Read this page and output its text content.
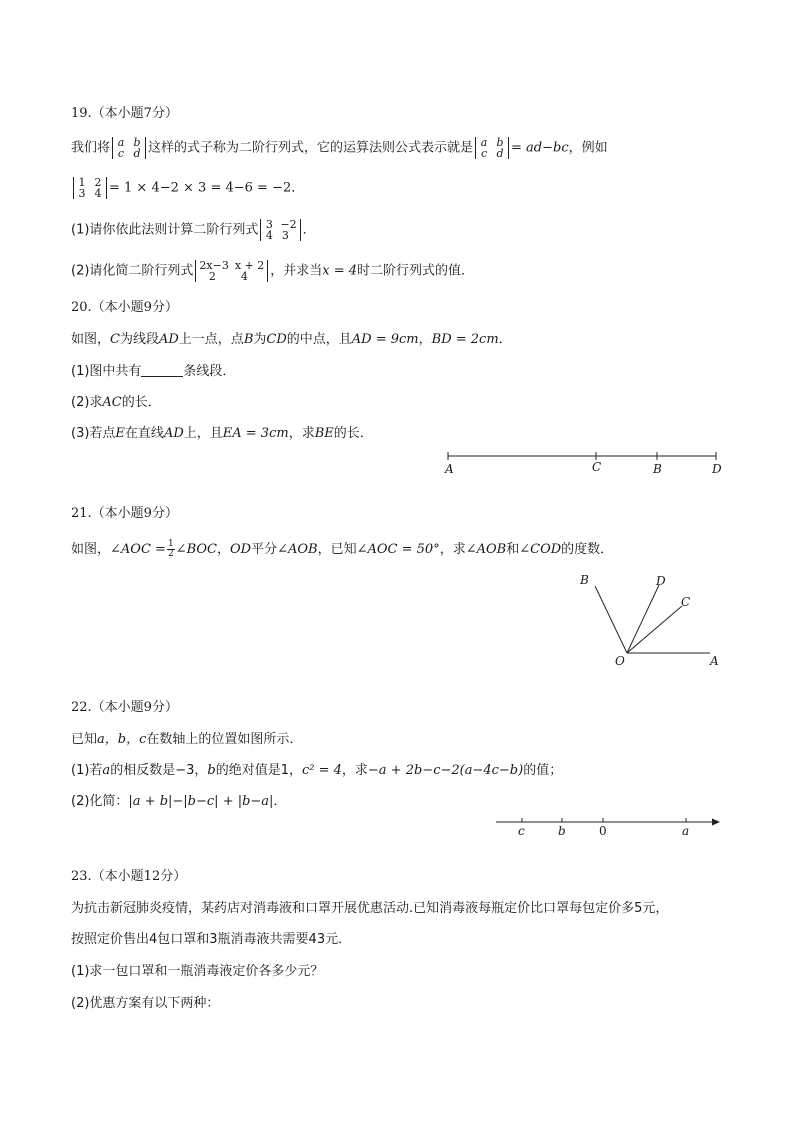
19.（本小题7分）
我们将 a b
c d 这样的式子称为二阶行列式，它的运算法则公式表示就是 a b
c d = ad−bc，例如
1 2
3 4 = 1 × 4−2 × 3 = 4−6 = −2．
(1)请你依此法则计算二阶行列式 3 −2
4 3	．
(2)请化简二阶行列式 2x−3 x + 2
2 4	，并求当x = 4时二阶行列式的值．
20.（本小题9分）
如图，C为线段AD上一点，点B为CD的中点，且AD = 9cm，BD = 2cm．
(1)图中共有	条线段．
(2)求AC的长．
(3)若点E在直线AD上，且EA = 3cm，求BE的长．
A	C	B	D
21.（本小题9分）
如图，∠AOC = $\frac{1}{2}$ ∠BOC，OD平分∠AOB，已知∠AOC = 50°，求∠AOB和∠COD的度数．
B	D
C
O	A
22.（本小题9分）
已知a，b，c在数轴上的位置如图所示．
(1)若a的相反数是−3，b的绝对值是1，c² = 4，求−a + 2b−c−2(a−4c−b)的值；
(2)化简：|a + b|−|b−c| + |b−a|．
c	b	0	a
23.（本小题12分）
为抗击新冠肺炎疫情，某药店对消毒液和口罩开展优惠活动.已知消毒液每瓶定价比口罩每包定价多5元，
按照定价售出4包口罩和3瓶消毒液共需要43元．
(1)求一包口罩和一瓶消毒液定价各多少元？
(2)优惠方案有以下两种：
